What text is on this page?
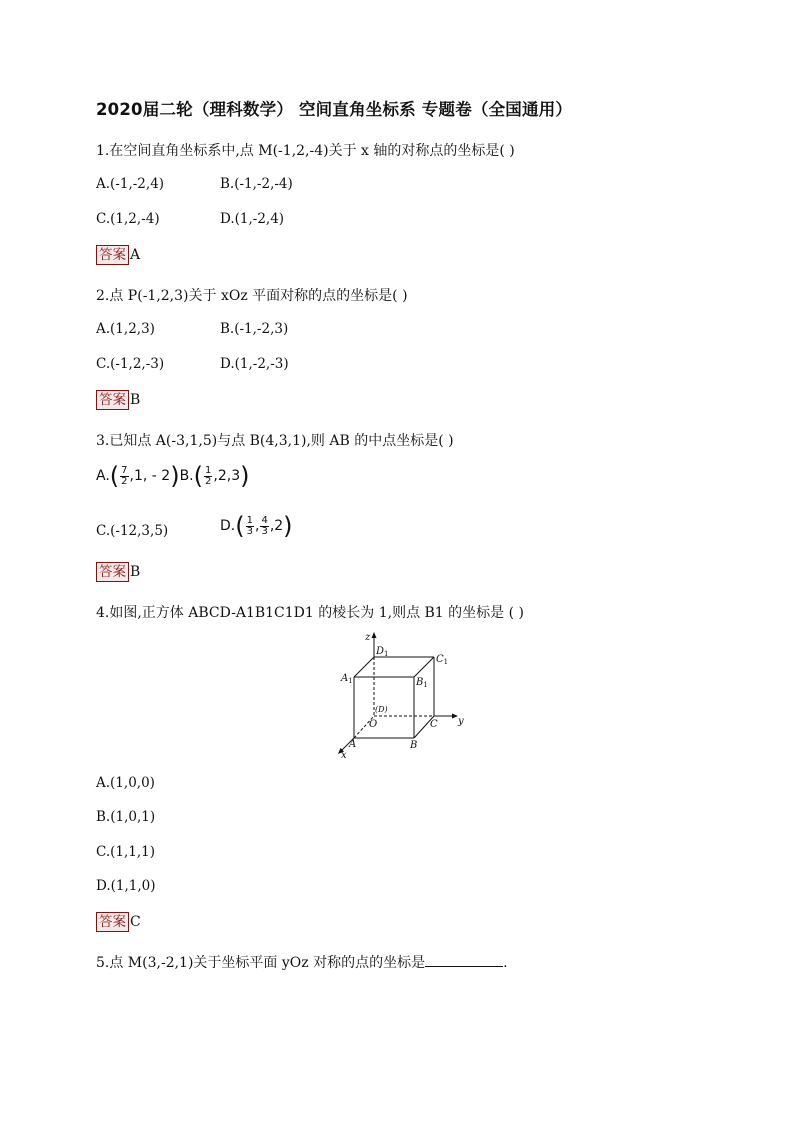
2020届二轮（理科数学） 空间直角坐标系 专题卷（全国通用）
1.在空间直角坐标系中,点 M(-1,2,-4)关于 x 轴的对称点的坐标是( )
A.(-1,-2,4)	B.(-1,-2,-4)
C.(1,2,-4)	D.(1,-2,4)
答案 A
2.点 P(-1,2,3)关于 xOz 平面对称的点的坐标是( )
A.(1,2,3)	B.(-1,-2,3)
C.(-1,2,-3)	D.(1,-2,-3)
答案 B
3.已知点 A(-3,1,5)与点 B(4,3,1),则 AB 的中点坐标是( )
$A.( \frac{7}{2} ,1$, - $2)B.( \frac{1}{2} ,2,3)$
C.(-12,3,5)	$D.( \frac{1}{3}$ , $\frac{4}{3} ,2$)
答案 B
4.如图,正方体 ABCD-A1B1C1D1 的棱长为 1,则点 B1 的坐标是 ( )
z
y
x
$D_1$	$C_1$
$A_1$	$B_1$
(D)
O	C
A	B
A.(1,0,0)
B.(1,0,1)
C.(1,1,1)
D.(1,1,0)
答案 C
5.点 M(3,-2,1)关于坐标平面 yOz 对称的点的坐标是	.
